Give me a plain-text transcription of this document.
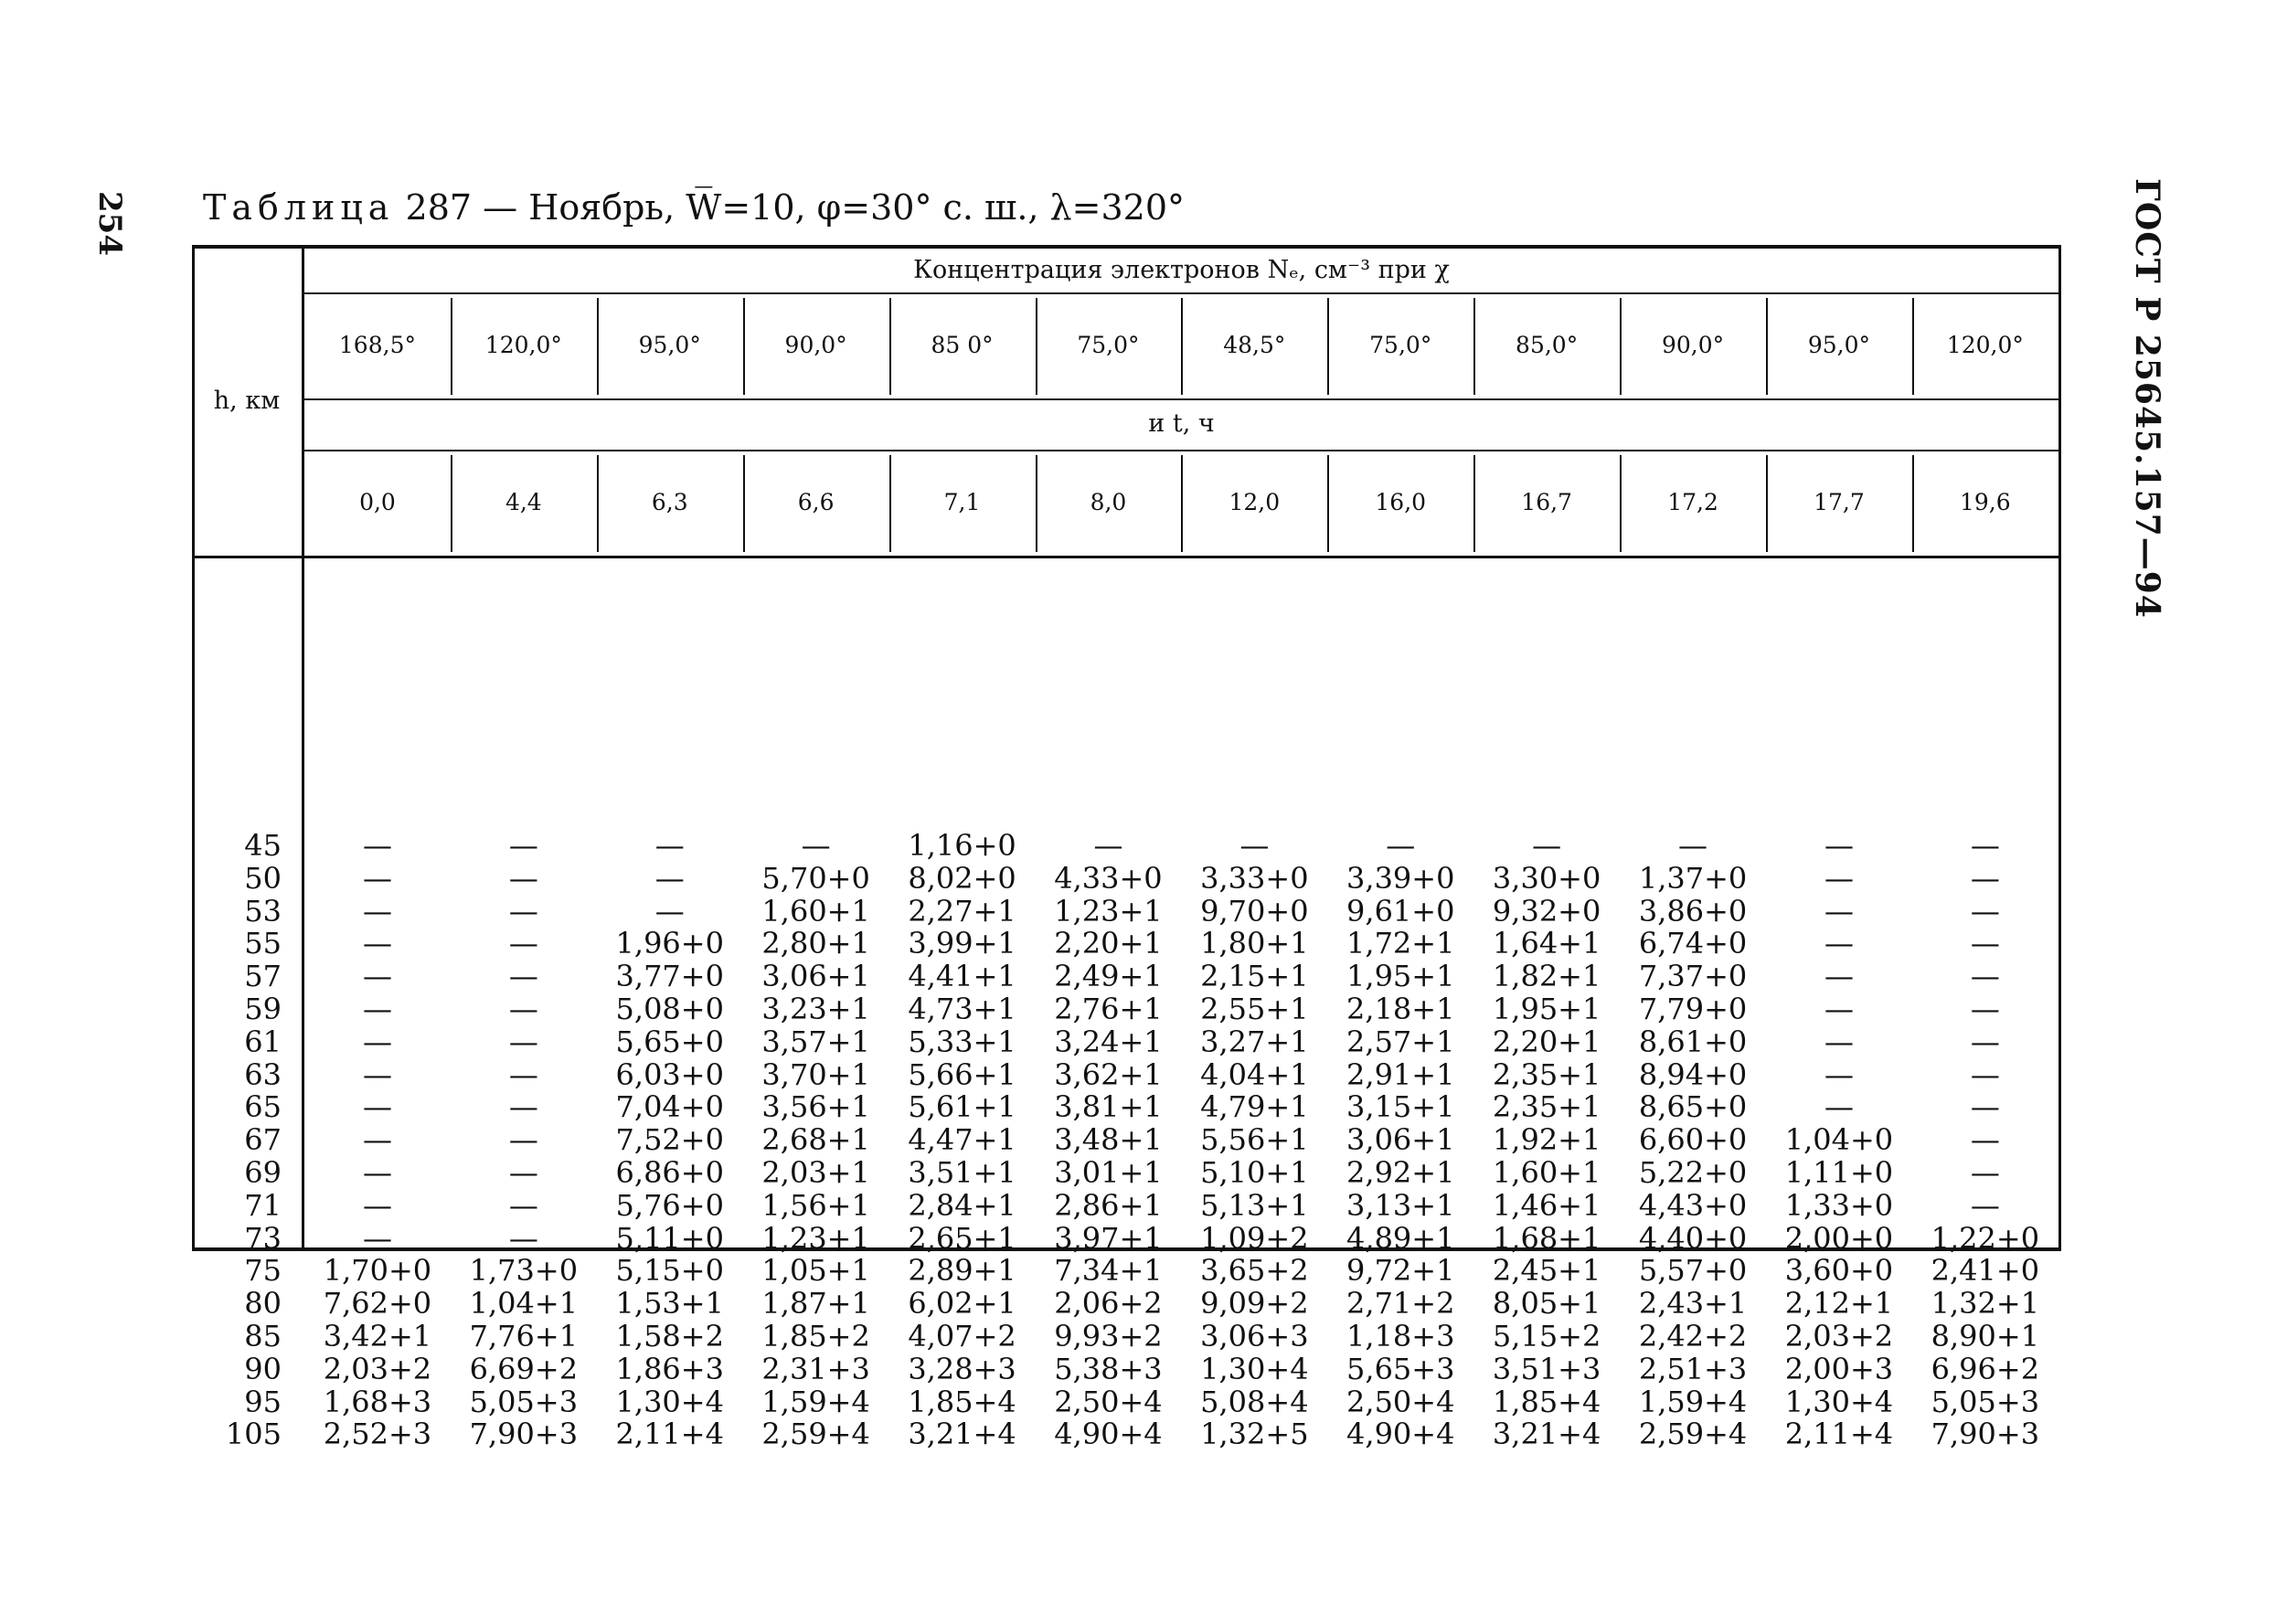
254	ГОСТ Р 25645.157—94
Таблица 287 — Ноябрь, W̅=10, φ=30° с. ш., λ=320°
h, км
Концентрация электронов Nₑ, см⁻³ при χ
и t, ч
45
50
53
55
57
59
61
63
65
67
69
71
73
75
80
85
90
95
105
168,5°
0,0
—
—
—
—
—
—
—
—
—
—
—
—
—
1,70+0
7,62+0
3,42+1
2,03+2
1,68+3
2,52+3
120,0°
4,4
—
—
—
—
—
—
—
—
—
—
—
—
—
1,73+0
1,04+1
7,76+1
6,69+2
5,05+3
7,90+3
95,0°
6,3
—
—
—
1,96+0
3,77+0
5,08+0
5,65+0
6,03+0
7,04+0
7,52+0
6,86+0
5,76+0
5,11+0
5,15+0
1,53+1
1,58+2
1,86+3
1,30+4
2,11+4
90,0°
6,6
—
5,70+0
1,60+1
2,80+1
3,06+1
3,23+1
3,57+1
3,70+1
3,56+1
2,68+1
2,03+1
1,56+1
1,23+1
1,05+1
1,87+1
1,85+2
2,31+3
1,59+4
2,59+4
85 0°
7,1
1,16+0
8,02+0
2,27+1
3,99+1
4,41+1
4,73+1
5,33+1
5,66+1
5,61+1
4,47+1
3,51+1
2,84+1
2,65+1
2,89+1
6,02+1
4,07+2
3,28+3
1,85+4
3,21+4
75,0°
8,0
—
4,33+0
1,23+1
2,20+1
2,49+1
2,76+1
3,24+1
3,62+1
3,81+1
3,48+1
3,01+1
2,86+1
3,97+1
7,34+1
2,06+2
9,93+2
5,38+3
2,50+4
4,90+4
48,5°
12,0
—
3,33+0
9,70+0
1,80+1
2,15+1
2,55+1
3,27+1
4,04+1
4,79+1
5,56+1
5,10+1
5,13+1
1,09+2
3,65+2
9,09+2
3,06+3
1,30+4
5,08+4
1,32+5
75,0°
16,0
—
3,39+0
9,61+0
1,72+1
1,95+1
2,18+1
2,57+1
2,91+1
3,15+1
3,06+1
2,92+1
3,13+1
4,89+1
9,72+1
2,71+2
1,18+3
5,65+3
2,50+4
4,90+4
85,0°
16,7
—
3,30+0
9,32+0
1,64+1
1,82+1
1,95+1
2,20+1
2,35+1
2,35+1
1,92+1
1,60+1
1,46+1
1,68+1
2,45+1
8,05+1
5,15+2
3,51+3
1,85+4
3,21+4
90,0°
17,2
—
1,37+0
3,86+0
6,74+0
7,37+0
7,79+0
8,61+0
8,94+0
8,65+0
6,60+0
5,22+0
4,43+0
4,40+0
5,57+0
2,43+1
2,42+2
2,51+3
1,59+4
2,59+4
95,0°
17,7
—
—
—
—
—
—
—
—
—
1,04+0
1,11+0
1,33+0
2,00+0
3,60+0
2,12+1
2,03+2
2,00+3
1,30+4
2,11+4
120,0°
19,6
—
—
—
—
—
—
—
—
—
—
—
—
1,22+0
2,41+0
1,32+1
8,90+1
6,96+2
5,05+3
7,90+3
